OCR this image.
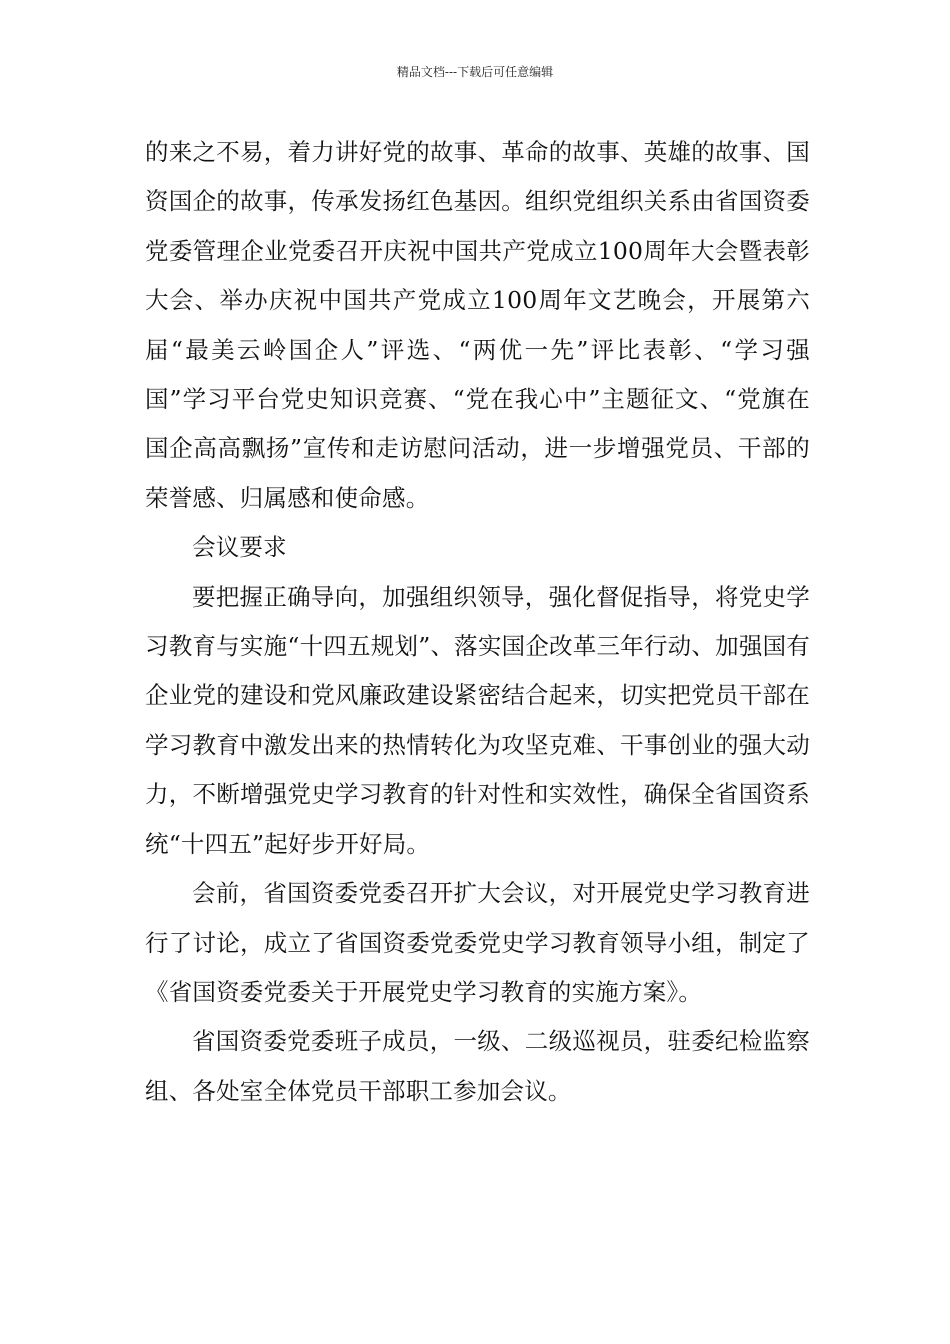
精品文档---下载后可任意编辑

的来之不易，着力讲好党的故事、革命的故事、英雄的故事、国资国企的故事，传承发扬红色基因。组织党组织关系由省国资委党委管理企业党委召开庆祝中国共产党成立100周年大会暨表彰大会、举办庆祝中国共产党成立100周年文艺晚会，开展第六届“最美云岭国企人”评选、“两优一先”评比表彰、“学习强国”学习平台党史知识竞赛、“党在我心中”主题征文、“党旗在国企高高飘扬”宣传和走访慰问活动，进一步增强党员、干部的荣誉感、归属感和使命感。

会议要求

要把握正确导向，加强组织领导，强化督促指导，将党史学习教育与实施“十四五规划”、落实国企改革三年行动、加强国有企业党的建设和党风廉政建设紧密结合起来，切实把党员干部在学习教育中激发出来的热情转化为攻坚克难、干事创业的强大动力，不断增强党史学习教育的针对性和实效性，确保全省国资系统“十四五”起好步开好局。

会前，省国资委党委召开扩大会议，对开展党史学习教育进行了讨论，成立了省国资委党委党史学习教育领导小组，制定了《省国资委党委关于开展党史学习教育的实施方案》。

省国资委党委班子成员，一级、二级巡视员，驻委纪检监察组、各处室全体党员干部职工参加会议。
